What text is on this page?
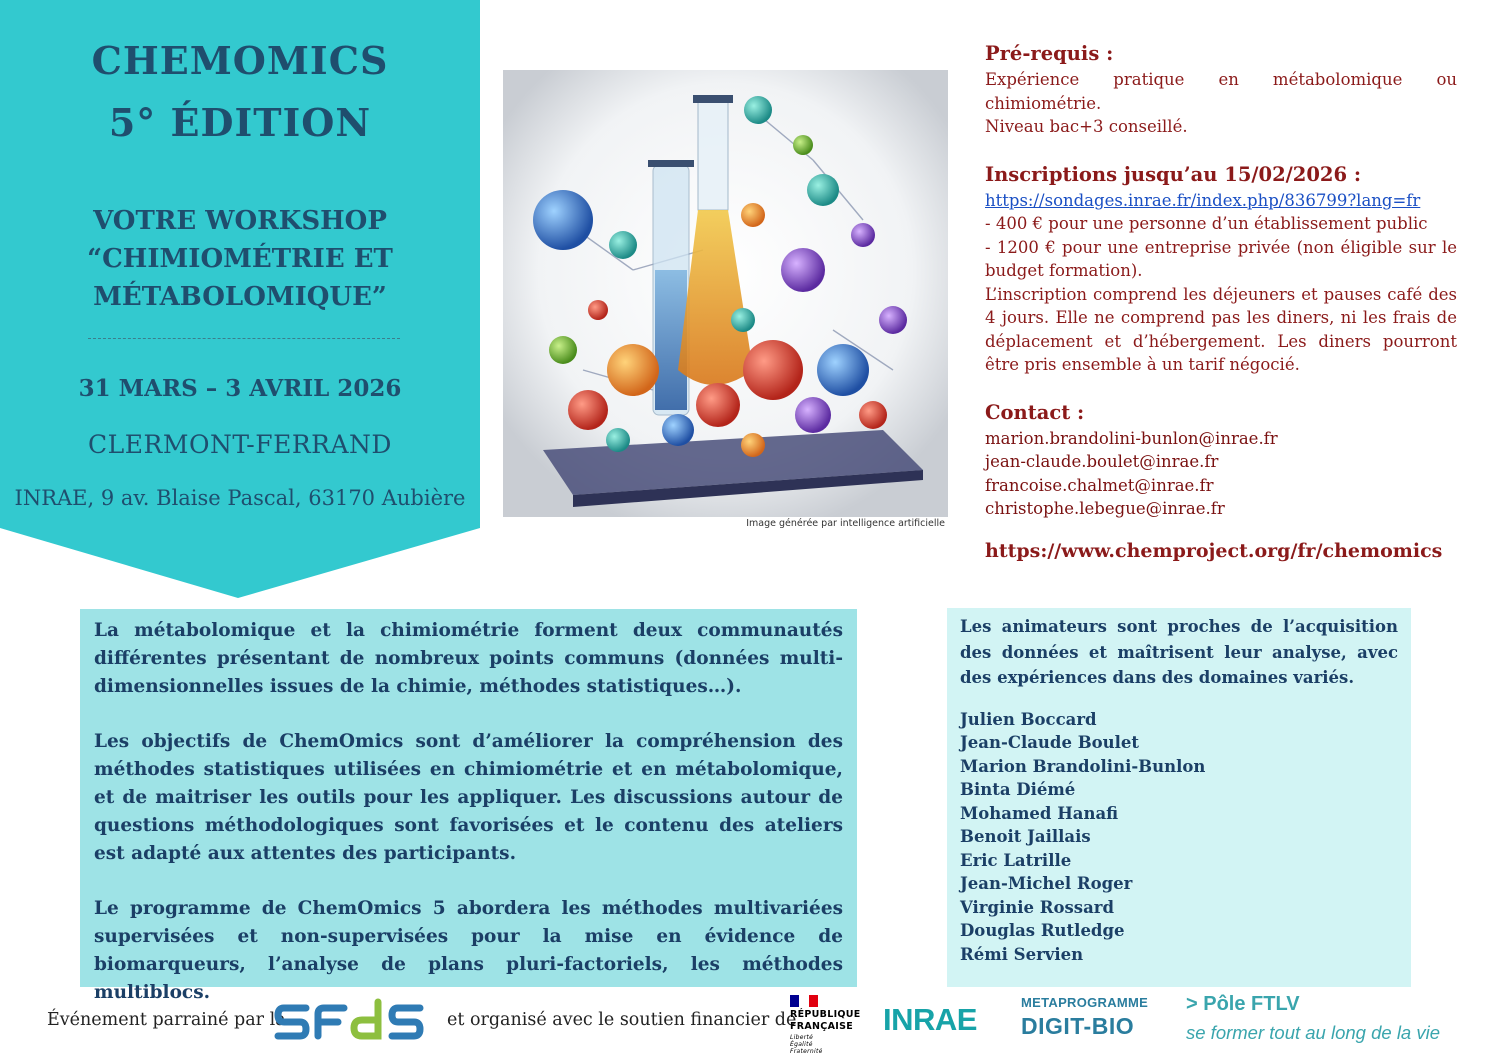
CHEMOMICS
5° ÉDITION
VOTRE WORKSHOP “CHIMIOMÉTRIE ET MÉTABOLOMIQUE”
31 MARS – 3 AVRIL 2026
CLERMONT-FERRAND
INRAE, 9 av. Blaise Pascal, 63170 Aubière
Image générée par intelligence artificielle
Pré-requis :

Expérience pratique en métabolomique ou chimiométrie.

Niveau bac+3 conseillé.

Inscriptions jusqu’au 15/02/2026 :
https://sondages.inrae.fr/index.php/836799?lang=fr

- 400 € pour une personne d’un établissement public

- 1200 € pour une entreprise privée (non éligible sur le budget formation).

L’inscription comprend les déjeuners et pauses café des 4 jours. Elle ne comprend pas les diners, ni les frais de déplacement et d’hébergement. Les diners pourront être pris ensemble à un tarif négocié.

Contact :
marion.brandolini-bunlon@inrae.fr
jean-claude.boulet@inrae.fr
francoise.chalmet@inrae.fr
christophe.lebegue@inrae.fr
https://www.chemproject.org/fr/chemomics

La métabolomique et la chimiométrie forment deux communautés différentes présentant de nombreux points communs (données multi-dimensionnelles issues de la chimie, méthodes statistiques…).

Les objectifs de ChemOmics sont d’améliorer la compréhension des méthodes statistiques utilisées en chimiométrie et en métabolomique, et de maitriser les outils pour les appliquer. Les discussions autour de questions méthodologiques sont favorisées et le contenu des ateliers est adapté aux attentes des participants.

Le programme de ChemOmics 5 abordera les méthodes multivariées supervisées et non-supervisées pour la mise en évidence de biomarqueurs, l’analyse de plans pluri-factoriels, les méthodes multiblocs.

Les animateurs sont proches de l’acquisition des données et maîtrisent leur analyse, avec des expériences dans des domaines variés.

Julien Boccard
Jean-Claude Boulet
Marion Brandolini-Bunlon
Binta Diémé
Mohamed Hanafi
Benoit Jaillais
Eric Latrille
Jean-Michel Roger
Virginie Rossard
Douglas Rutledge
Rémi Servien
Événement parrainé par la	et organisé avec le soutien financier de
RÉPUBLIQUE
FRANÇAISE
Liberté
Égalité
Fraternité
INRAE	METAPROGRAMME
DIGIT-BIO
> Pôle FTLV
se former tout au long de la vie
